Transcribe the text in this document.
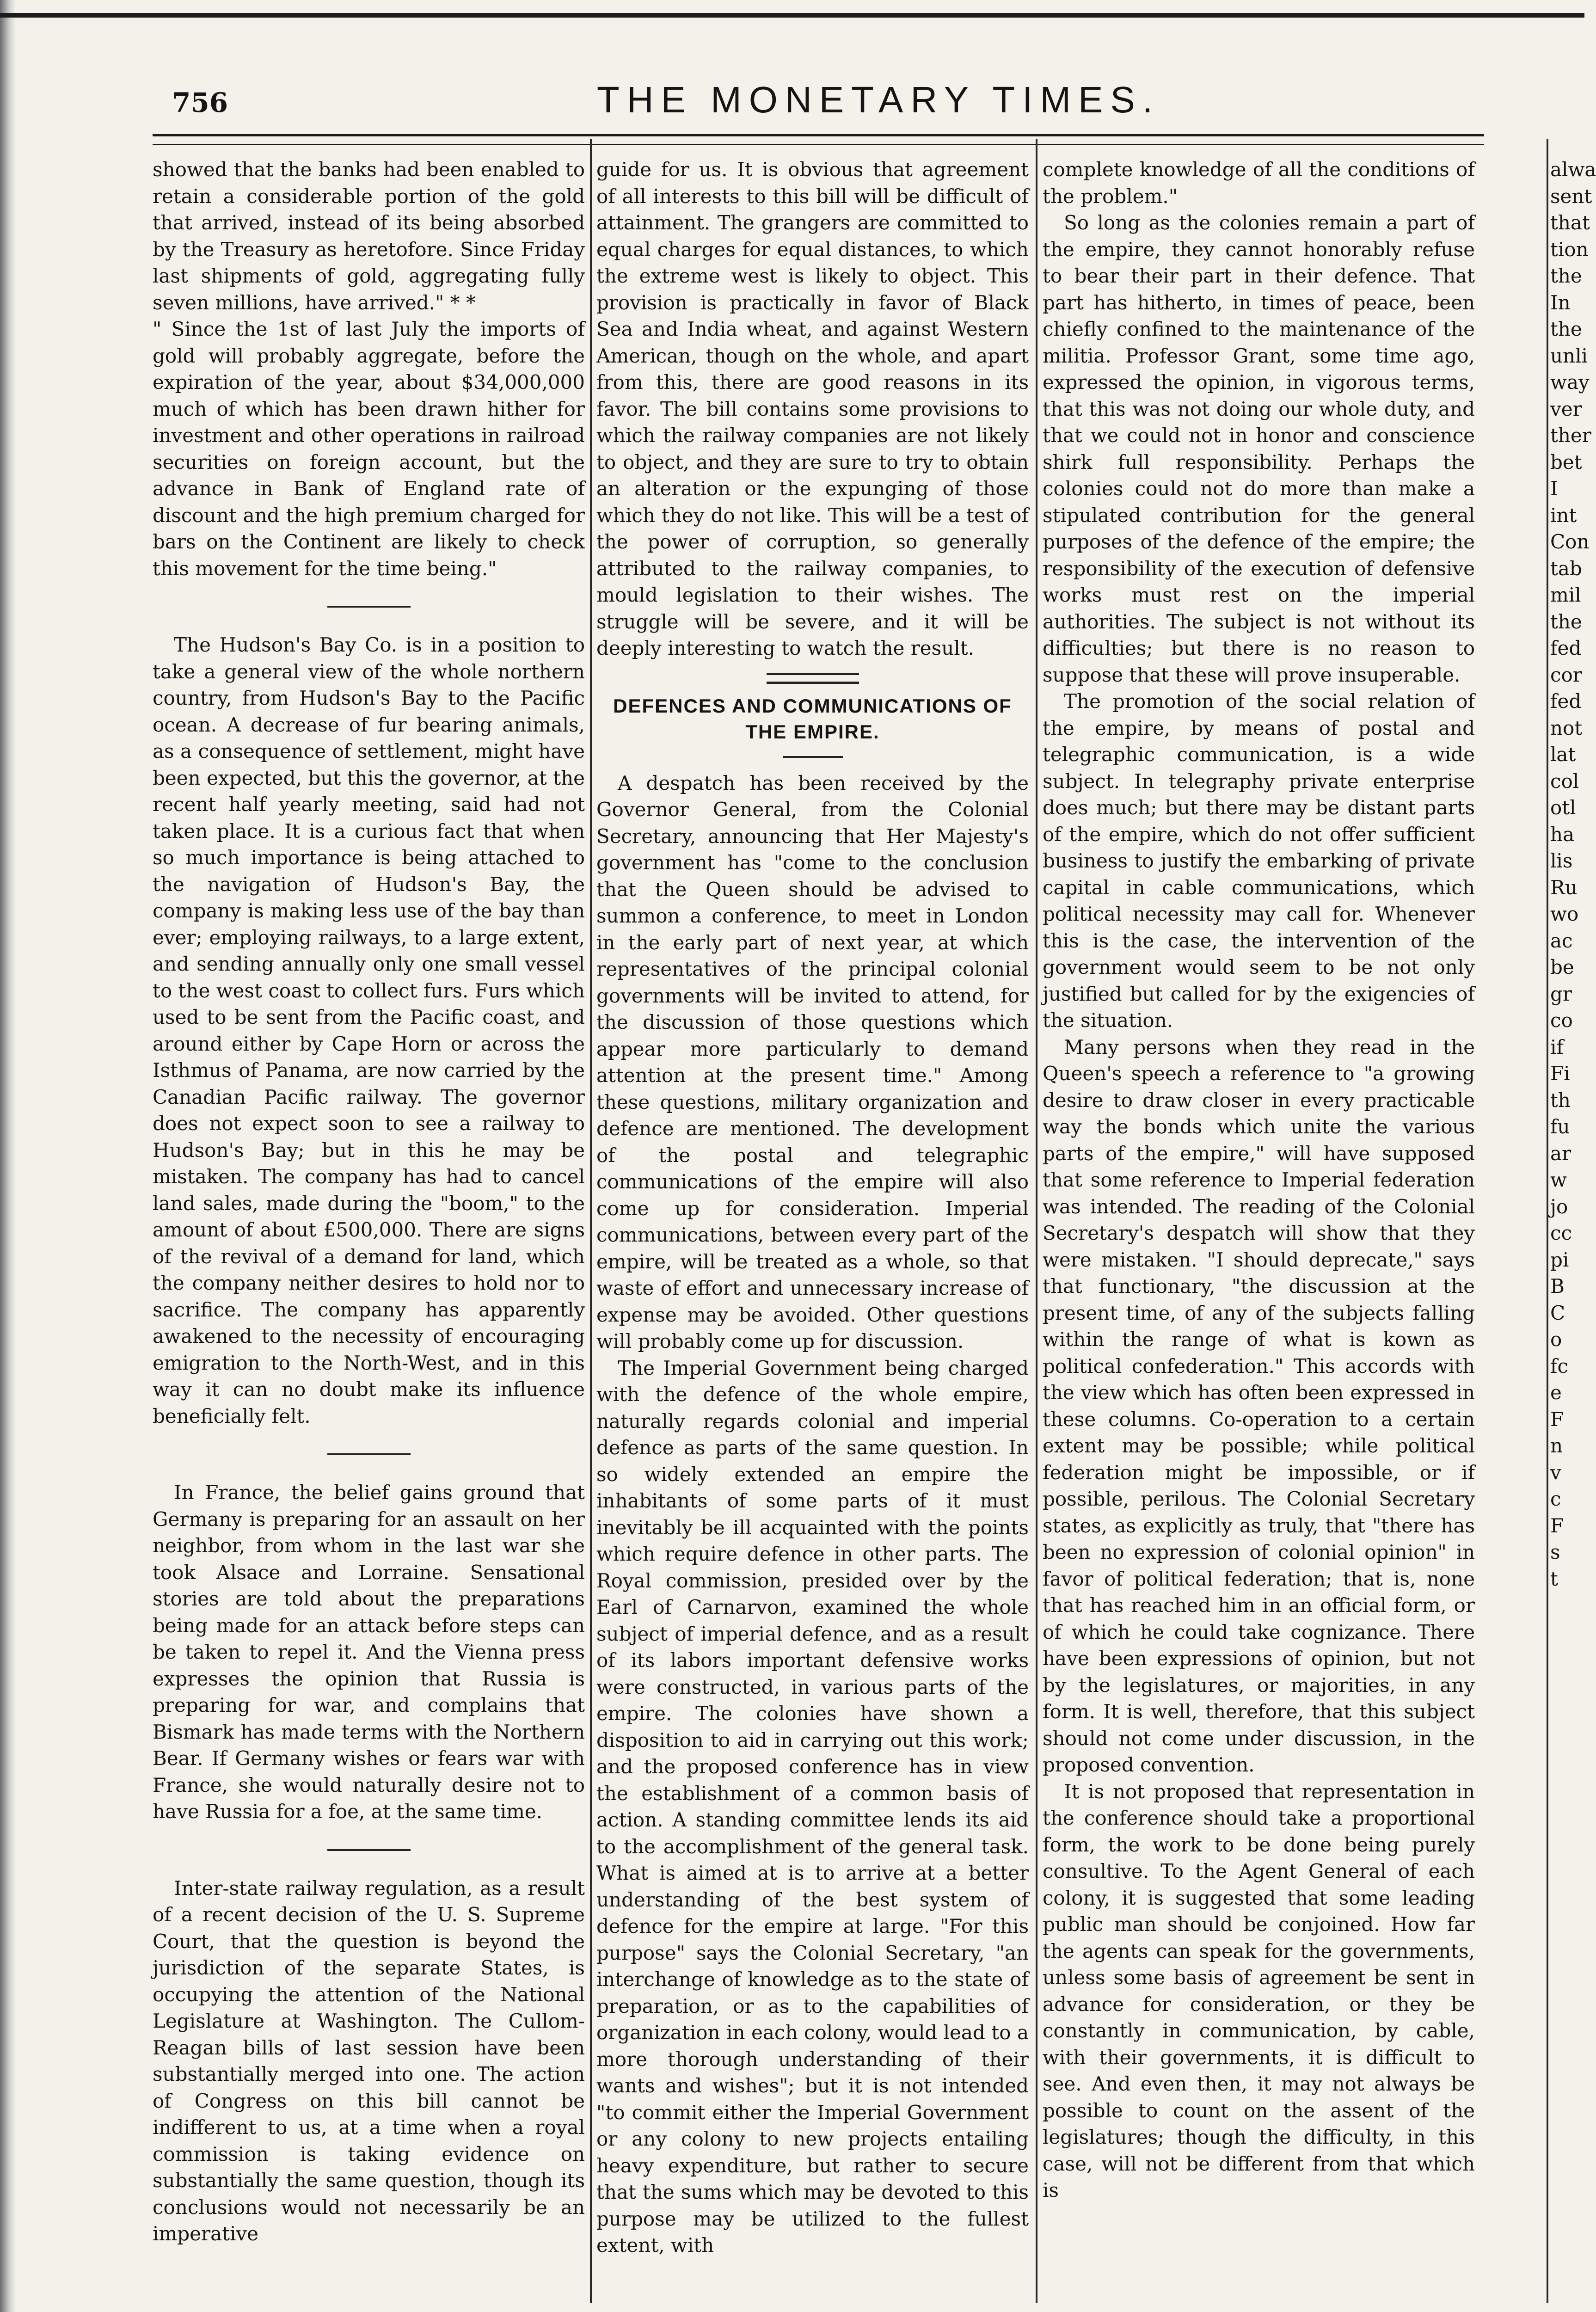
756	THE MONETARY TIMES.

showed that the banks had been enabled to retain a considerable portion of the gold that arrived, instead of its being absorbed by the Treasury as heretofore. Since Friday last shipments of gold, aggregating fully seven millions, have arrived." * *

" Since the 1st of last July the imports of gold will probably aggregate, before the expiration of the year, about $34,000,000 much of which has been drawn hither for investment and other operations in railroad securities on foreign account, but the advance in Bank of England rate of discount and the high premium charged for bars on the Continent are likely to check this movement for the time being."

The Hudson's Bay Co. is in a position to take a general view of the whole northern country, from Hudson's Bay to the Pacific ocean. A decrease of fur bearing animals, as a consequence of settlement, might have been expected, but this the governor, at the recent half yearly meeting, said had not taken place. It is a curious fact that when so much importance is being attached to the navigation of Hudson's Bay, the company is making less use of the bay than ever; employing railways, to a large extent, and sending annually only one small vessel to the west coast to collect furs. Furs which used to be sent from the Pacific coast, and around either by Cape Horn or across the Isthmus of Panama, are now carried by the Canadian Pacific railway. The governor does not expect soon to see a railway to Hudson's Bay; but in this he may be mistaken. The company has had to cancel land sales, made during the "boom," to the amount of about £500,000. There are signs of the revival of a demand for land, which the company neither desires to hold nor to sacrifice. The company has apparently awakened to the necessity of encouraging emigration to the North-West, and in this way it can no doubt make its influence beneficially felt.

In France, the belief gains ground that Germany is preparing for an assault on her neighbor, from whom in the last war she took Alsace and Lorraine. Sensational stories are told about the preparations being made for an attack before steps can be taken to repel it. And the Vienna press expresses the opinion that Russia is preparing for war, and complains that Bismark has made terms with the Northern Bear. If Germany wishes or fears war with France, she would naturally desire not to have Russia for a foe, at the same time.

Inter-state railway regulation, as a result of a recent decision of the U. S. Supreme Court, that the question is beyond the jurisdiction of the separate States, is occupying the attention of the National Legislature at Washington. The Cullom-Reagan bills of last session have been substantially merged into one. The action of Congress on this bill cannot be indifferent to us, at a time when a royal commission is taking evidence on substantially the same question, though its conclusions would not necessarily be an imperative

guide for us. It is obvious that agreement of all interests to this bill will be difficult of attainment. The grangers are committed to equal charges for equal distances, to which the extreme west is likely to object. This provision is practically in favor of Black Sea and India wheat, and against Western American, though on the whole, and apart from this, there are good reasons in its favor. The bill contains some provisions to which the railway companies are not likely to object, and they are sure to try to obtain an alteration or the expunging of those which they do not like. This will be a test of the power of corruption, so generally attributed to the railway companies, to mould legislation to their wishes. The struggle will be severe, and it will be deeply interesting to watch the result.

DEFENCES AND COMMUNICATIONS OF THE EMPIRE.

A despatch has been received by the Governor General, from the Colonial Secretary, announcing that Her Majesty's government has "come to the conclusion that the Queen should be advised to summon a conference, to meet in London in the early part of next year, at which representatives of the principal colonial governments will be invited to attend, for the discussion of those questions which appear more particularly to demand attention at the present time." Among these questions, military organization and defence are mentioned. The development of the postal and telegraphic communications of the empire will also come up for consideration. Imperial communications, between every part of the empire, will be treated as a whole, so that waste of effort and unnecessary increase of expense may be avoided. Other questions will probably come up for discussion.

The Imperial Government being charged with the defence of the whole empire, naturally regards colonial and imperial defence as parts of the same question. In so widely extended an empire the inhabitants of some parts of it must inevitably be ill acquainted with the points which require defence in other parts. The Royal commission, presided over by the Earl of Carnarvon, examined the whole subject of imperial defence, and as a result of its labors important defensive works were constructed, in various parts of the empire. The colonies have shown a disposition to aid in carrying out this work; and the proposed conference has in view the establishment of a common basis of action. A standing committee lends its aid to the accomplishment of the general task. What is aimed at is to arrive at a better understanding of the best system of defence for the empire at large. "For this purpose" says the Colonial Secretary, "an interchange of knowledge as to the state of preparation, or as to the capabilities of organization in each colony, would lead to a more thorough understanding of their wants and wishes"; but it is not intended "to commit either the Imperial Government or any colony to new projects entailing heavy expenditure, but rather to secure that the sums which may be devoted to this purpose may be utilized to the fullest extent, with

complete knowledge of all the conditions of the problem."

So long as the colonies remain a part of the empire, they cannot honorably refuse to bear their part in their defence. That part has hitherto, in times of peace, been chiefly confined to the maintenance of the militia. Professor Grant, some time ago, expressed the opinion, in vigorous terms, that this was not doing our whole duty, and that we could not in honor and conscience shirk full responsibility. Perhaps the colonies could not do more than make a stipulated contribution for the general purposes of the defence of the empire; the responsibility of the execution of defensive works must rest on the imperial authorities. The subject is not without its difficulties; but there is no reason to suppose that these will prove insuperable.

The promotion of the social relation of the empire, by means of postal and telegraphic communication, is a wide subject. In telegraphy private enterprise does much; but there may be distant parts of the empire, which do not offer sufficient business to justify the embarking of private capital in cable communications, which political necessity may call for. Whenever this is the case, the intervention of the government would seem to be not only justified but called for by the exigencies of the situation.

Many persons when they read in the Queen's speech a reference to "a growing desire to draw closer in every practicable way the bonds which unite the various parts of the empire," will have supposed that some reference to Imperial federation was intended. The reading of the Colonial Secretary's despatch will show that they were mistaken. "I should deprecate," says that functionary, "the discussion at the present time, of any of the subjects falling within the range of what is kown as political confederation." This accords with the view which has often been expressed in these columns. Co-operation to a certain extent may be possible; while political federation might be impossible, or if possible, perilous. The Colonial Secretary states, as explicitly as truly, that "there has been no expression of colonial opinion" in favor of political federation; that is, none that has reached him in an official form, or of which he could take cognizance. There have been expressions of opinion, but not by the legislatures, or majorities, in any form. It is well, therefore, that this subject should not come under discussion, in the proposed convention.

It is not proposed that representation in the conference should take a proportional form, the work to be done being purely consultive. To the Agent General of each colony, it is suggested that some leading public man should be conjoined. How far the agents can speak for the governments, unless some basis of agreement be sent in advance for consideration, or they be constantly in communication, by cable, with their governments, it is difficult to see. And even then, it may not always be possible to count on the assent of the legislatures; though the difficulty, in this case, will not be different from that which is

alwa
sent
that
tion
the
In
the
unli
way
ver
ther
bet
I
int
Con
tab
mil
the
fed
cor
fed
not
lat
col
otl
ha
lis
Ru
wo
ac
be
gr
co
if
Fi
th
fu
ar
w
jo
cc
pi
B
C
o
fc
e
F
n
v
c
F
s
t
